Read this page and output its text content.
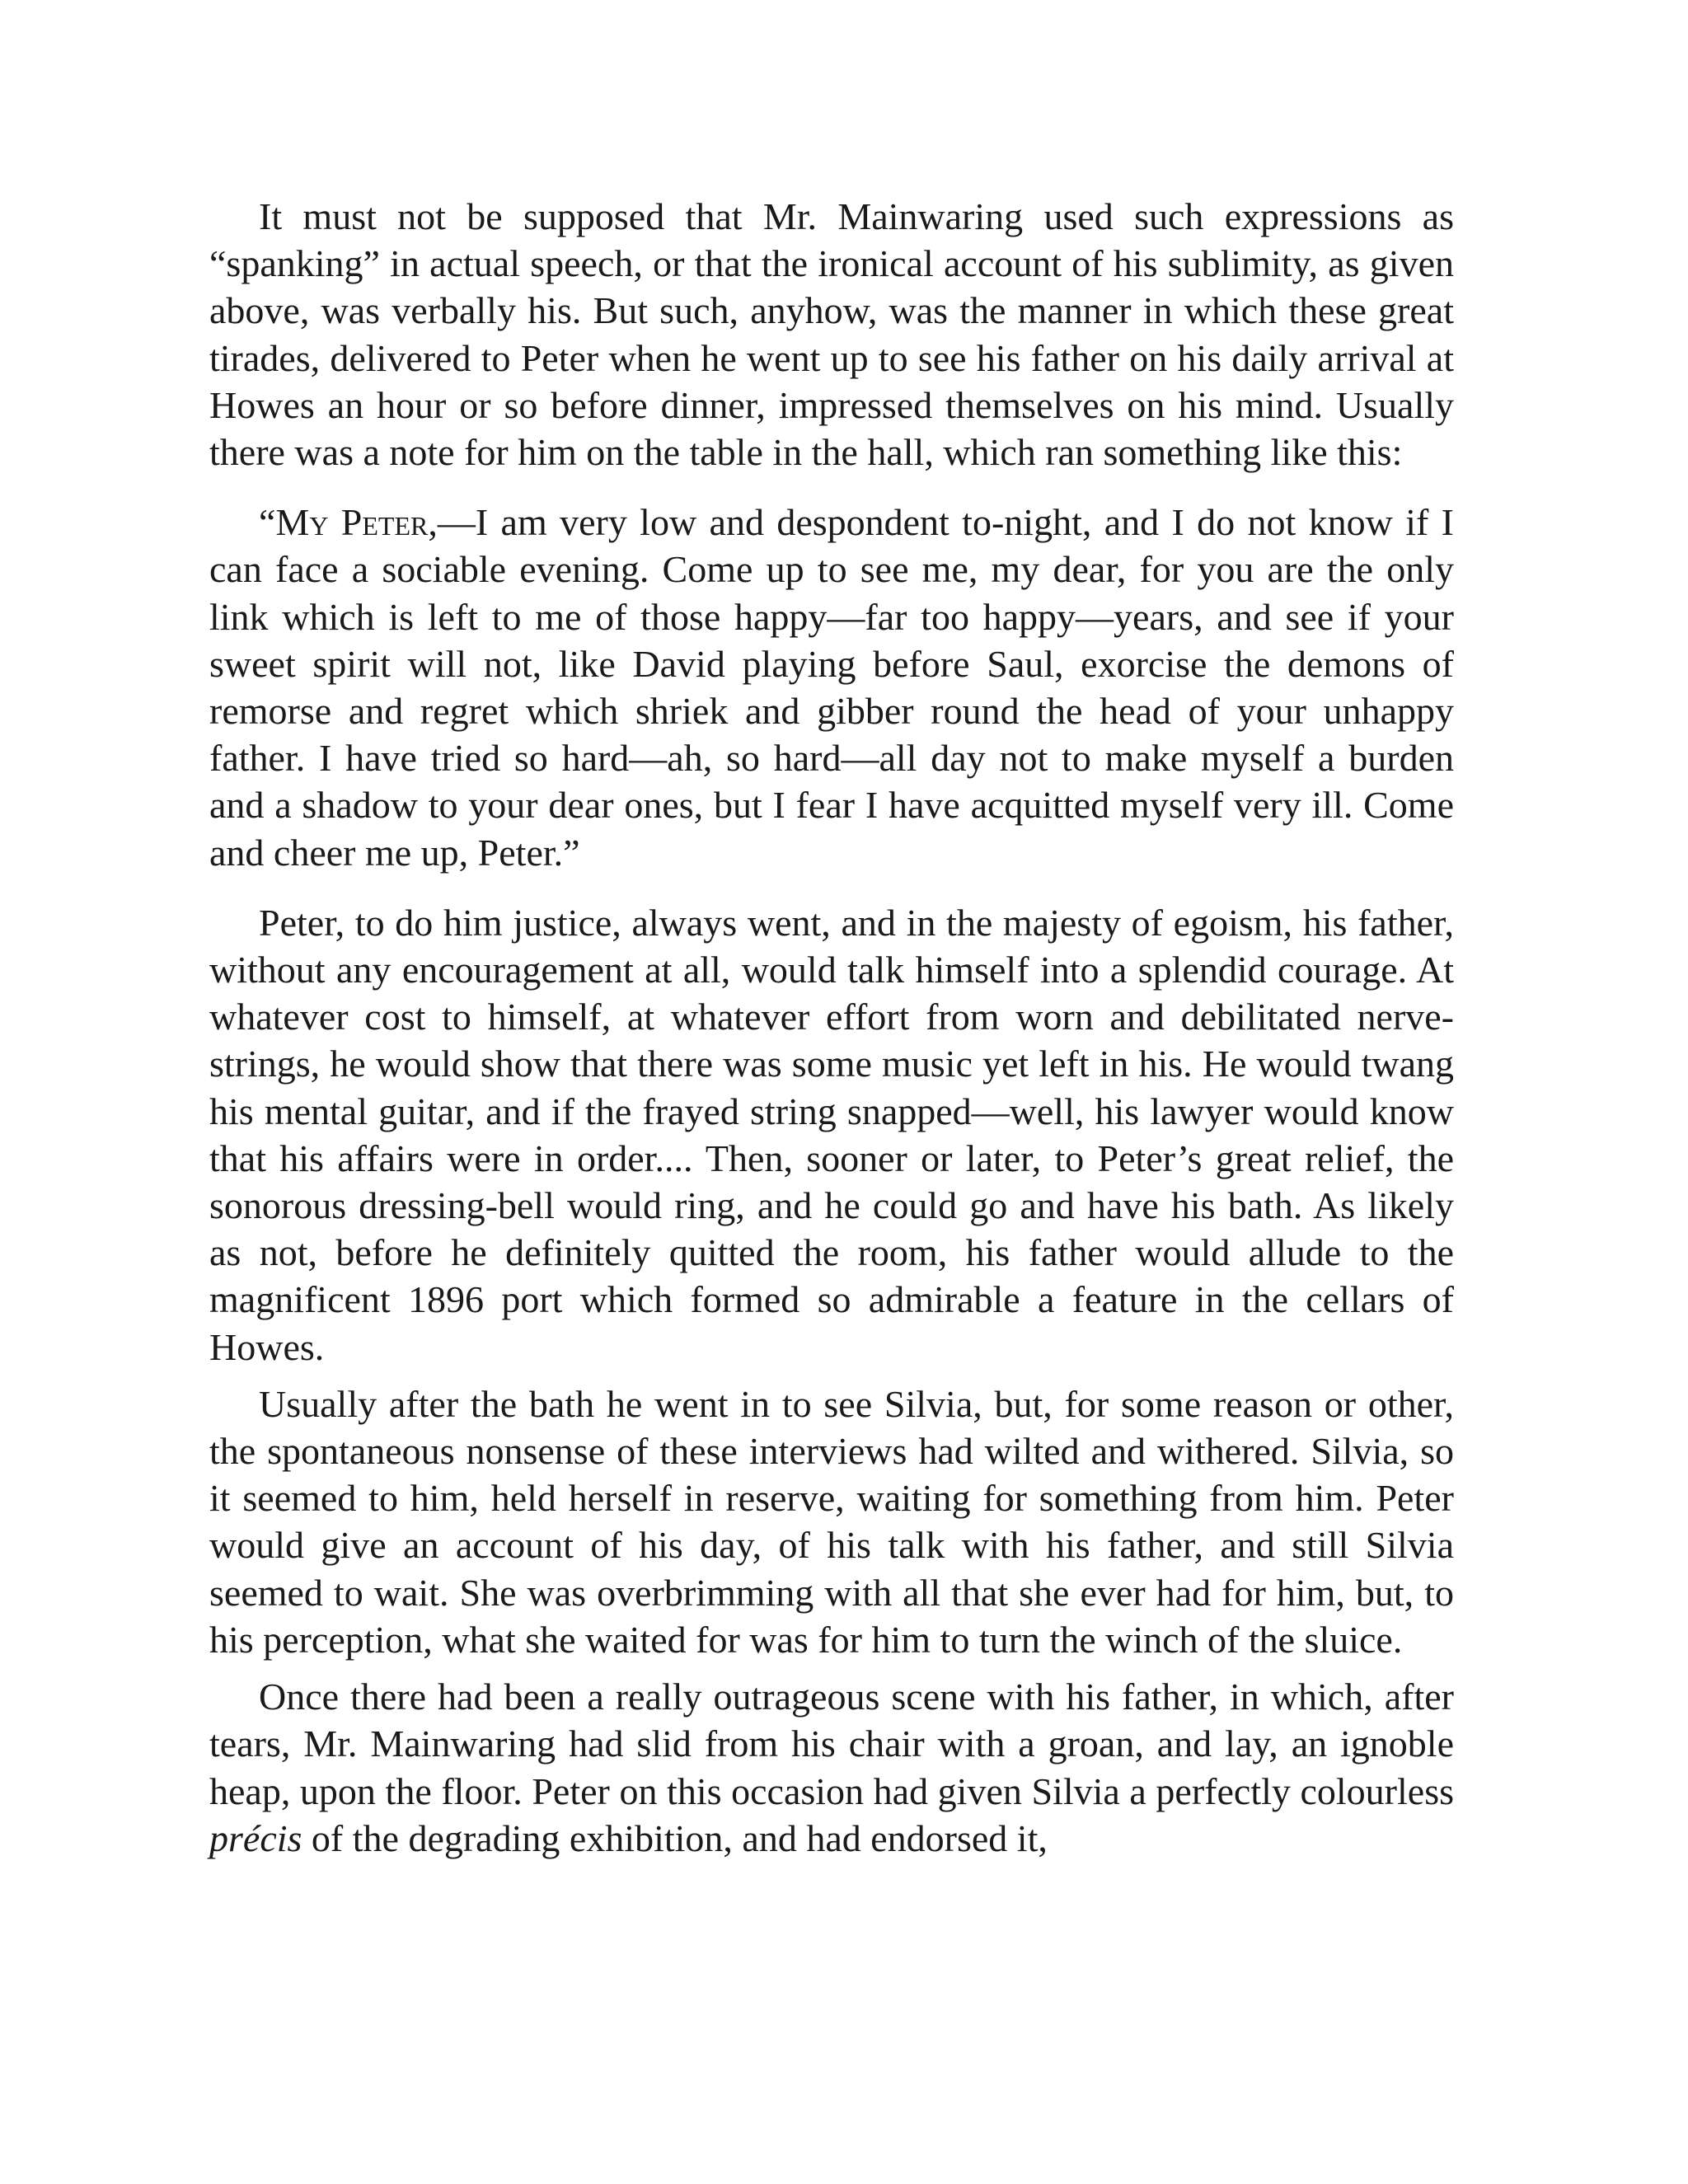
It must not be supposed that Mr. Mainwaring used such expressions as “spanking” in actual speech, or that the ironical account of his sublimity, as given above, was verbally his. But such, anyhow, was the manner in which these great tirades, delivered to Peter when he went up to see his father on his daily arrival at Howes an hour or so before dinner, impressed themselves on his mind. Usually there was a note for him on the table in the hall, which ran something like this:

“My Peter,—I am very low and despondent to-night, and I do not know if I can face a sociable evening. Come up to see me, my dear, for you are the only link which is left to me of those happy—far too happy—years, and see if your sweet spirit will not, like David playing before Saul, exorcise the demons of remorse and regret which shriek and gibber round the head of your unhappy father. I have tried so hard—ah, so hard—all day not to make myself a burden and a shadow to your dear ones, but I fear I have acquitted myself very ill. Come and cheer me up, Peter.”

Peter, to do him justice, always went, and in the majesty of egoism, his father, without any encouragement at all, would talk himself into a splendid courage. At whatever cost to himself, at whatever effort from worn and debilitated nerve-strings, he would show that there was some music yet left in his. He would twang his mental guitar, and if the frayed string snapped—well, his lawyer would know that his affairs were in order.... Then, sooner or later, to Peter’s great relief, the sonorous dressing-bell would ring, and he could go and have his bath. As likely as not, before he definitely quitted the room, his father would allude to the magnificent 1896 port which formed so admirable a feature in the cellars of Howes.

Usually after the bath he went in to see Silvia, but, for some reason or other, the spontaneous nonsense of these interviews had wilted and withered. Silvia, so it seemed to him, held herself in reserve, waiting for something from him. Peter would give an account of his day, of his talk with his father, and still Silvia seemed to wait. She was overbrimming with all that she ever had for him, but, to his perception, what she waited for was for him to turn the winch of the sluice.

Once there had been a really outrageous scene with his father, in which, after tears, Mr. Mainwaring had slid from his chair with a groan, and lay, an ignoble heap, upon the floor. Peter on this occasion had given Silvia a perfectly colourless précis of the degrading exhibition, and had endorsed it,
